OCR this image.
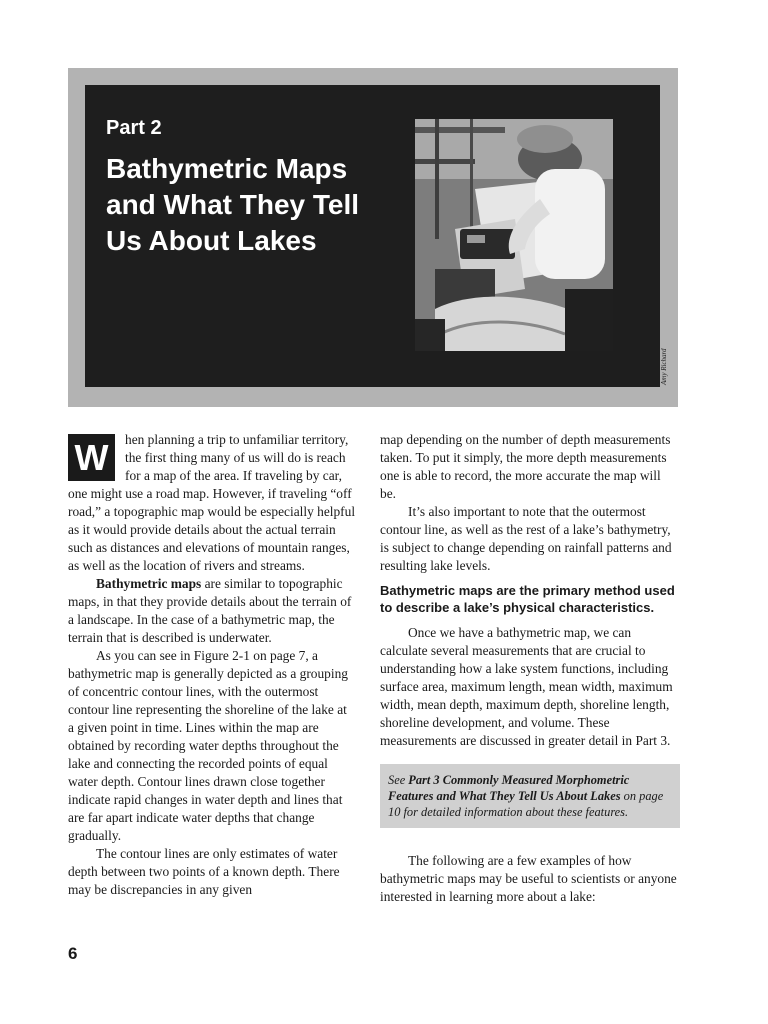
Part 2
Bathymetric Maps and What They Tell Us About Lakes
Amy Richard

W	hen planning a trip to unfamiliar territory, the first thing many of us will do is reach for a map of the area. If traveling by car, one might use a road map. However, if traveling “off road,” a topographic map would be especially helpful as it would provide details about the actual terrain such as distances and elevations of mountain ranges, as well as the location of rivers and streams.

Bathymetric maps are similar to topographic maps, in that they provide details about the terrain of a landscape. In the case of a bathymetric map, the terrain that is described is underwater.

As you can see in Figure 2-1 on page 7, a bathymetric map is generally depicted as a grouping of concentric contour lines, with the outermost contour line representing the shoreline of the lake at a given point in time. Lines within the map are obtained by recording water depths throughout the lake and connecting the recorded points of equal water depth. Contour lines drawn close together indicate rapid changes in water depth and lines that are far apart indicate water depths that change gradually.

The contour lines are only estimates of water depth between two points of a known depth. There may be discrepancies in any given

map depending on the number of depth measurements taken. To put it simply, the more depth measurements one is able to record, the more accurate the map will be.

It’s also important to note that the outermost contour line, as well as the rest of a lake’s bathymetry, is subject to change depending on rainfall patterns and resulting lake levels.

Bathymetric maps are the primary method used to describe a lake’s physical characteristics.

Once we have a bathymetric map, we can calculate several measurements that are crucial to understanding how a lake system functions, including surface area, maximum length, mean width, maximum width, mean depth, maximum depth, shoreline length, shoreline development, and volume. These measurements are discussed in greater detail in Part 3.

See Part 3 Commonly Measured Morphometric Features and What They Tell Us About Lakes on page 10 for detailed information about these features.

The following are a few examples of how bathymetric maps may be useful to scientists or anyone interested in learning more about a lake:

6
